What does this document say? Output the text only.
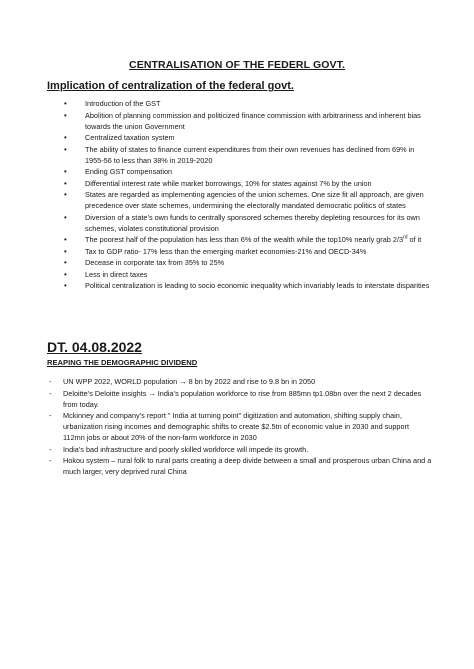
CENTRALISATION OF THE FEDERL GOVT.
Implication of centralization of the federal govt.
• Introduction of the GST
• Abolition of planning commission and politicized finance commission with arbitrariness and inherent bias towards the union Government
• Centralized taxation system
• The ability of states to finance current expenditures from their own revenues has declined from 69% in 1955-56 to less than 38% in 2019-2020
• Ending GST compensation
• Differential interest rate while market borrowings, 10% for states against 7% by the union
• States are regarded as implementing agencies of the union schemes. One size fit all approach, are given precedence over state schemes, undermining the electorally mandated democratic politics of states
• Diversion of a state’s own funds to centrally sponsored schemes thereby depleting resources for its own schemes, violates constitutional provision
• The poorest half of the population has less than 6% of the wealth while the top10% nearly grab 2/3rd of it
• Tax to GDP ratio- 17% less than the emerging market economies-21% and OECD-34%
• Decease in corporate tax from 35% to 25%
• Less in direct taxes
• Political centralization is leading to socio economic inequality which invariably leads to interstate disparities
DT. 04.08.2022
REAPING THE DEMOGRAPHIC DIVIDEND
- UN WPP 2022, WORLD population → 8 bn by 2022 and rise to 9.8 bn in 2050
- Deloitte’s Deloitte insights → India’s population workforce to rise from 885mn tp1.08bn over the next 2 decades from today.
- Mckinney and company’s report " India at turning point" digitization and automation, shifting supply chain, urbanization rising incomes and demographic shifts to create $2.5tn of economic value in 2030 and support 112mn jobs or about 20% of the non-farm workforce in 2030
- India’s bad infrastructure and poorly skilled workforce will impede its growth.
- Hokou system – rural folk to rural parts creating a deep divide between a small and prosperous urban China and a much larger, very deprived rural China
